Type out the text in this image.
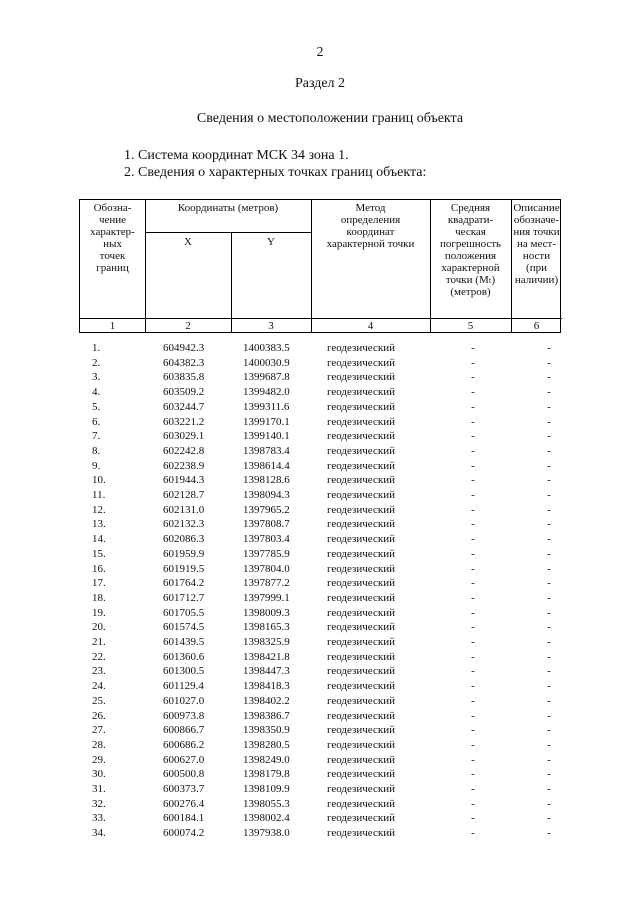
2
Раздел 2
Сведения о местоположении границ объекта
1. Система координат МСК 34 зона 1.
2. Сведения о характерных точках границ объекта:
Обозна-
чение
характер-
ных
точек
границ
Координаты (метров)
X	Y
Метод
определения
координат
характерной точки
Средняя
квадрати-
ческая
погрешность
положения
характерной
точки (Mₜ)
(метров)
Описание
обозначе-
ния точки
на мест-
ности
(при
наличии)
1	2	3	4	5	6
1.	604942.3	1400383.5	геодезический	-	-
2.	604382.3	1400030.9	геодезический	-	-
3.	603835.8	1399687.8	геодезический	-	-
4.	603509.2	1399482.0	геодезический	-	-
5.	603244.7	1399311.6	геодезический	-	-
6.	603221.2	1399170.1	геодезический	-	-
7.	603029.1	1399140.1	геодезический	-	-
8.	602242.8	1398783.4	геодезический	-	-
9.	602238.9	1398614.4	геодезический	-	-
10.	601944.3	1398128.6	геодезический	-	-
11.	602128.7	1398094.3	геодезический	-	-
12.	602131.0	1397965.2	геодезический	-	-
13.	602132.3	1397808.7	геодезический	-	-
14.	602086.3	1397803.4	геодезический	-	-
15.	601959.9	1397785.9	геодезический	-	-
16.	601919.5	1397804.0	геодезический	-	-
17.	601764.2	1397877.2	геодезический	-	-
18.	601712.7	1397999.1	геодезический	-	-
19.	601705.5	1398009.3	геодезический	-	-
20.	601574.5	1398165.3	геодезический	-	-
21.	601439.5	1398325.9	геодезический	-	-
22.	601360.6	1398421.8	геодезический	-	-
23.	601300.5	1398447.3	геодезический	-	-
24.	601129.4	1398418.3	геодезический	-	-
25.	601027.0	1398402.2	геодезический	-	-
26.	600973.8	1398386.7	геодезический	-	-
27.	600866.7	1398350.9	геодезический	-	-
28.	600686.2	1398280.5	геодезический	-	-
29.	600627.0	1398249.0	геодезический	-	-
30.	600500.8	1398179.8	геодезический	-	-
31.	600373.7	1398109.9	геодезический	-	-
32.	600276.4	1398055.3	геодезический	-	-
33.	600184.1	1398002.4	геодезический	-	-
34.	600074.2	1397938.0	геодезический	-	-
